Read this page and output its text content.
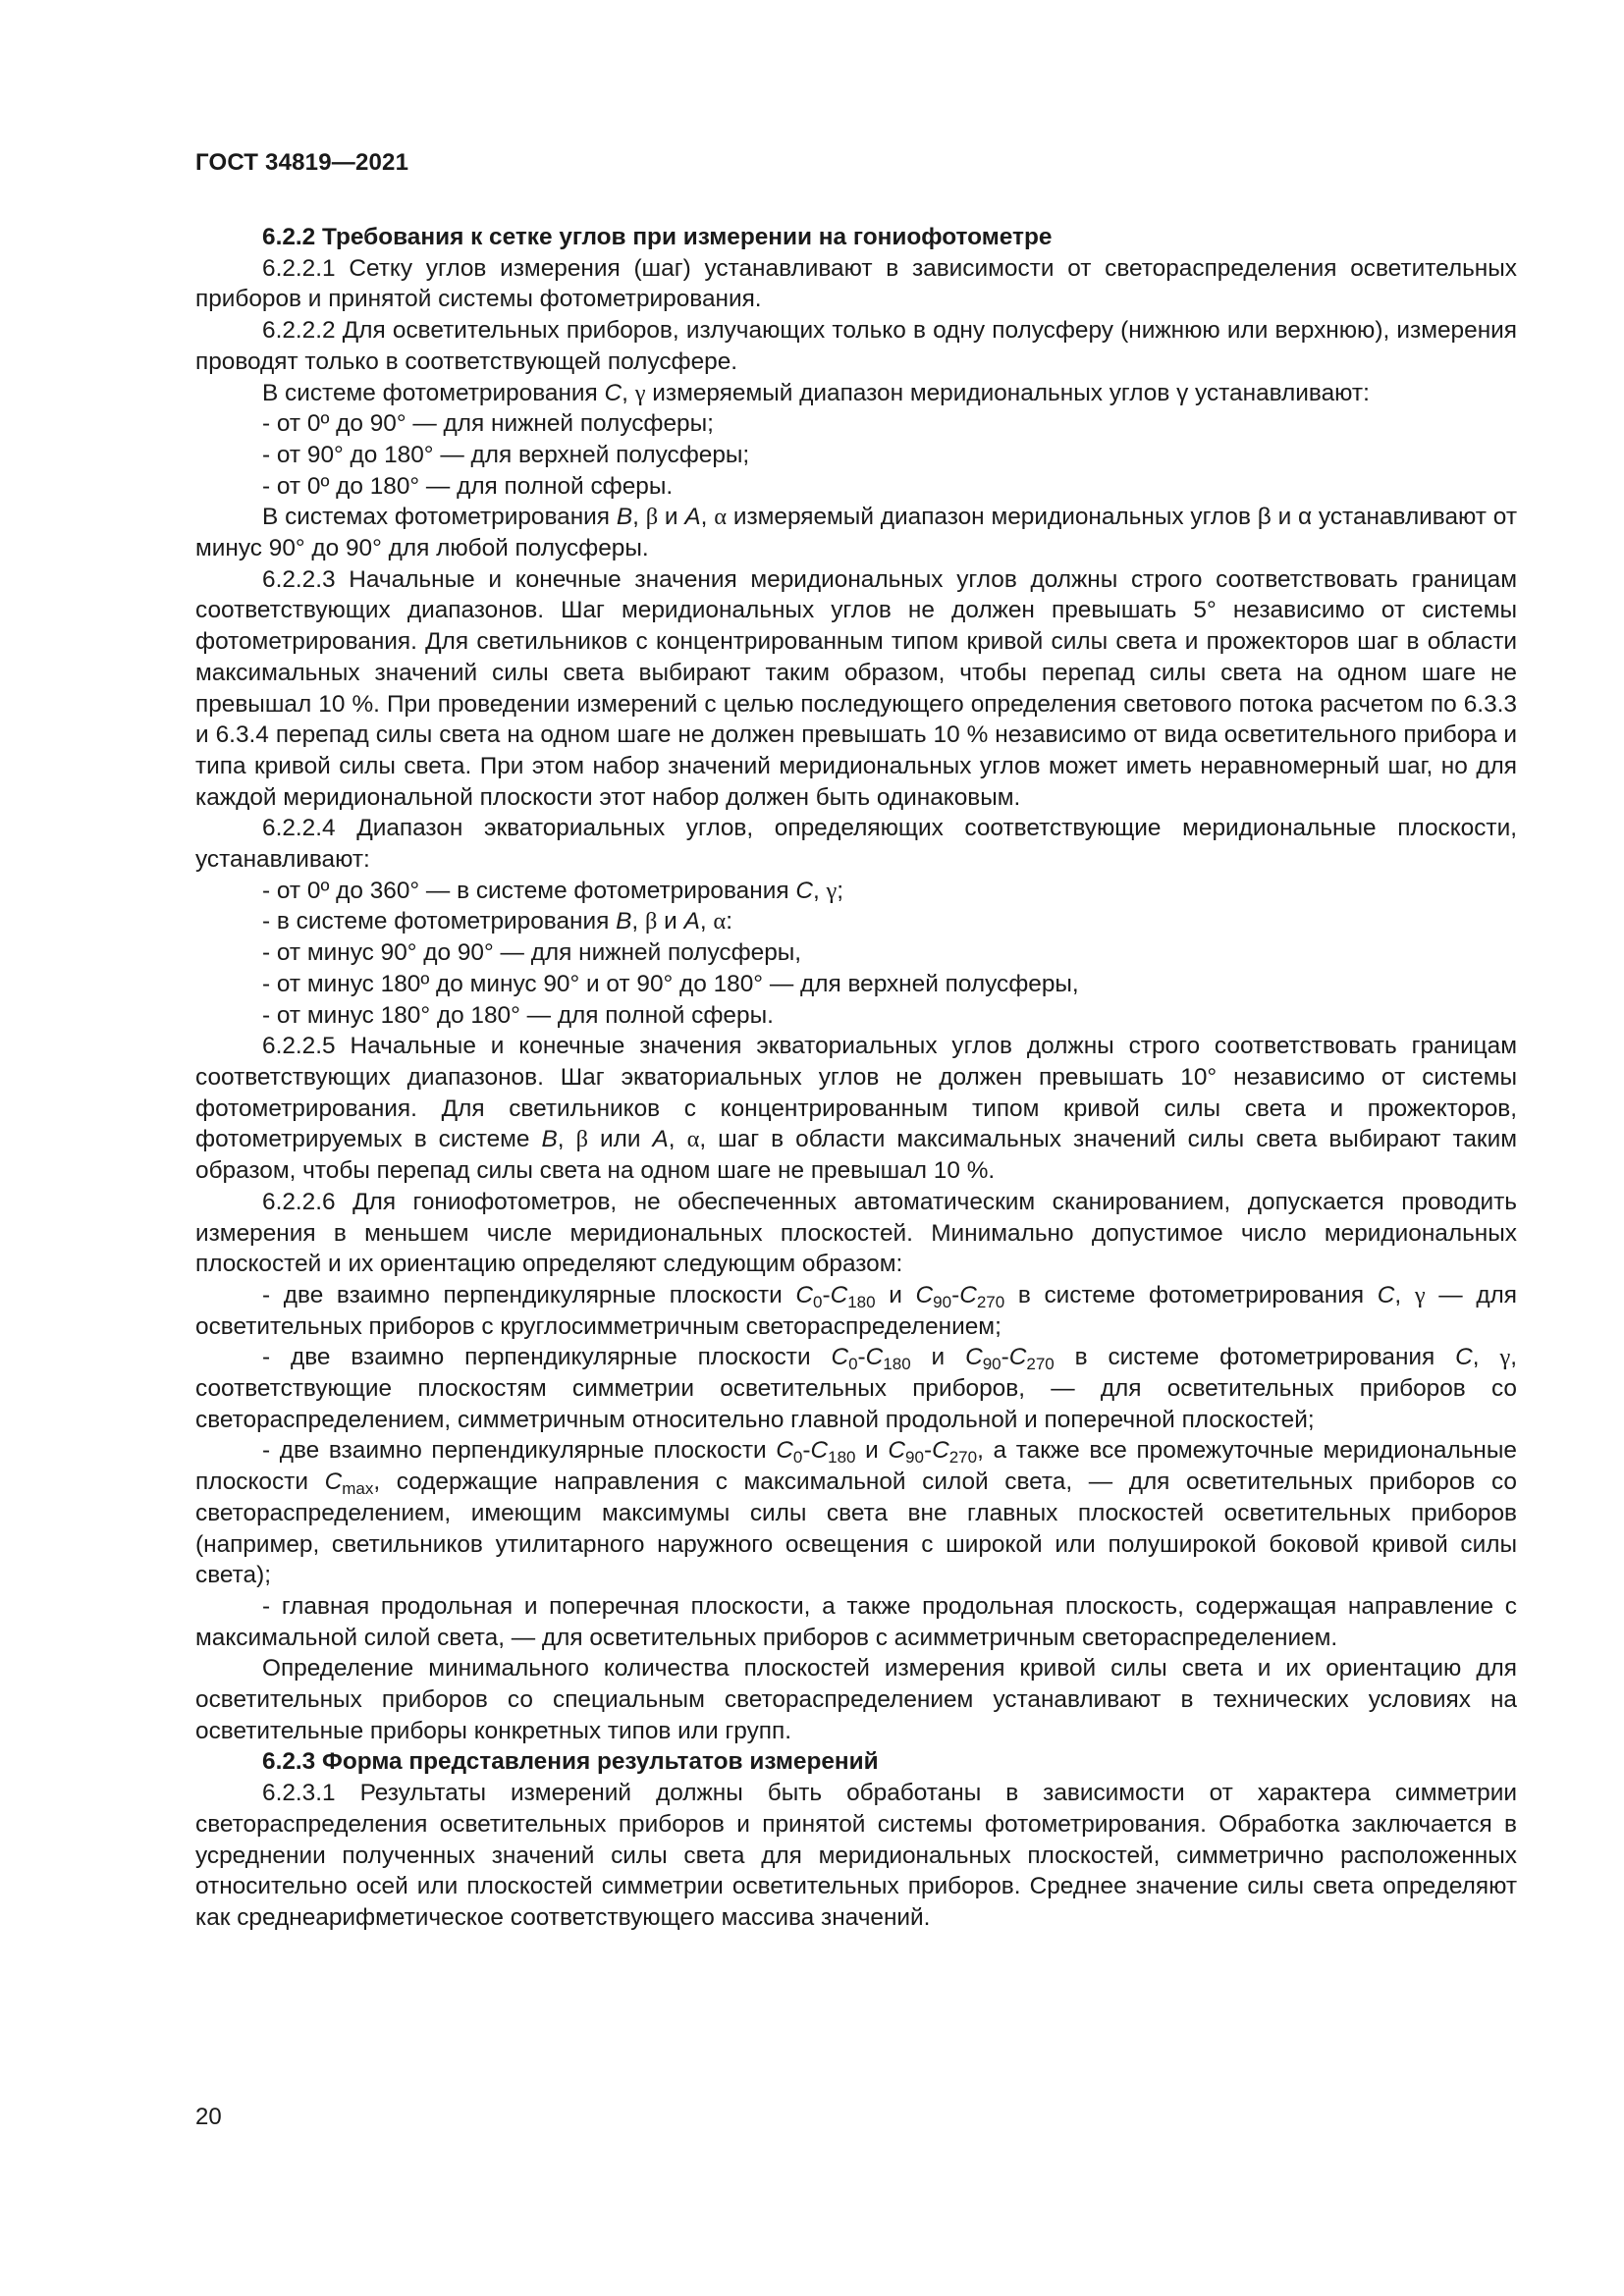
ГОСТ 34819—2021

6.2.2 Требования к сетке углов при измерении на гониофотометре

6.2.2.1 Сетку углов измерения (шаг) устанавливают в зависимости от светораспределения осветительных приборов и принятой системы фотометрирования.

6.2.2.2 Для осветительных приборов, излучающих только в одну полусферу (нижнюю или верхнюю), измерения проводят только в соответствующей полусфере.

В системе фотометрирования C, γ измеряемый диапазон меридиональных углов γ устанавливают:

- от 0º до 90° — для нижней полусферы;

- от 90° до 180° — для верхней полусферы;

- от 0º до 180° — для полной сферы.

В системах фотометрирования B, β и A, α измеряемый диапазон меридиональных углов β и α устанавливают от минус 90° до 90° для любой полусферы.

6.2.2.3 Начальные и конечные значения меридиональных углов должны строго соответствовать границам соответствующих диапазонов. Шаг меридиональных углов не должен превышать 5° независимо от системы фотометрирования. Для светильников с концентрированным типом кривой силы света и прожекторов шаг в области максимальных значений силы света выбирают таким образом, чтобы перепад силы света на одном шаге не превышал 10 %. При проведении измерений с целью последующего определения светового потока расчетом по 6.3.3 и 6.3.4 перепад силы света на одном шаге не должен превышать 10 % независимо от вида осветительного прибора и типа кривой силы света. При этом набор значений меридиональных углов может иметь неравномерный шаг, но для каждой меридиональной плоскости этот набор должен быть одинаковым.

6.2.2.4 Диапазон экваториальных углов, определяющих соответствующие меридиональные плоскости, устанавливают:

- от 0º до 360° — в системе фотометрирования C, γ;

- в системе фотометрирования B, β и A, α:

- от минус 90° до 90° — для нижней полусферы,

- от минус 180º до минус 90° и от 90° до 180° — для верхней полусферы,

- от минус 180° до 180° — для полной сферы.

6.2.2.5 Начальные и конечные значения экваториальных углов должны строго соответствовать границам соответствующих диапазонов. Шаг экваториальных углов не должен превышать 10° независимо от системы фотометрирования. Для светильников с концентрированным типом кривой силы света и прожекторов, фотометрируемых в системе B, β или A, α, шаг в области максимальных значений силы света выбирают таким образом, чтобы перепад силы света на одном шаге не превышал 10 %.

6.2.2.6 Для гониофотометров, не обеспеченных автоматическим сканированием, допускается проводить измерения в меньшем числе меридиональных плоскостей. Минимально допустимое число меридиональных плоскостей и их ориентацию определяют следующим образом:

- две взаимно перпендикулярные плоскости $C_0-C_{180}$ и $C_{90}-C_{270}$ в системе фотометрирования C, γ — для осветительных приборов с круглосимметричным светораспределением;

- две взаимно перпендикулярные плоскости $C_0-C_{180}$ и $C_{90}-C_{270}$ в системе фотометрирования C, γ, соответствующие плоскостям симметрии осветительных приборов, — для осветительных приборов со светораспределением, симметричным относительно главной продольной и поперечной плоскостей;

- две взаимно перпендикулярные плоскости $C_0-C_{180}$ и $C_{90}-C_{270}$, а также все промежуточные меридиональные плоскости $C_{max}$, содержащие направления с максимальной силой света, — для осветительных приборов со светораспределением, имеющим максимумы силы света вне главных плоскостей осветительных приборов (например, светильников утилитарного наружного освещения с широкой или полуширокой боковой кривой силы света);

- главная продольная и поперечная плоскости, а также продольная плоскость, содержащая направление с максимальной силой света, — для осветительных приборов с асимметричным светораспределением.

Определение минимального количества плоскостей измерения кривой силы света и их ориентацию для осветительных приборов со специальным светораспределением устанавливают в технических условиях на осветительные приборы конкретных типов или групп.

6.2.3 Форма представления результатов измерений

6.2.3.1 Результаты измерений должны быть обработаны в зависимости от характера симметрии светораспределения осветительных приборов и принятой системы фотометрирования. Обработка заключается в усреднении полученных значений силы света для меридиональных плоскостей, симметрично расположенных относительно осей или плоскостей симметрии осветительных приборов. Среднее значение силы света определяют как среднеарифметическое соответствующего массива значений.

20
